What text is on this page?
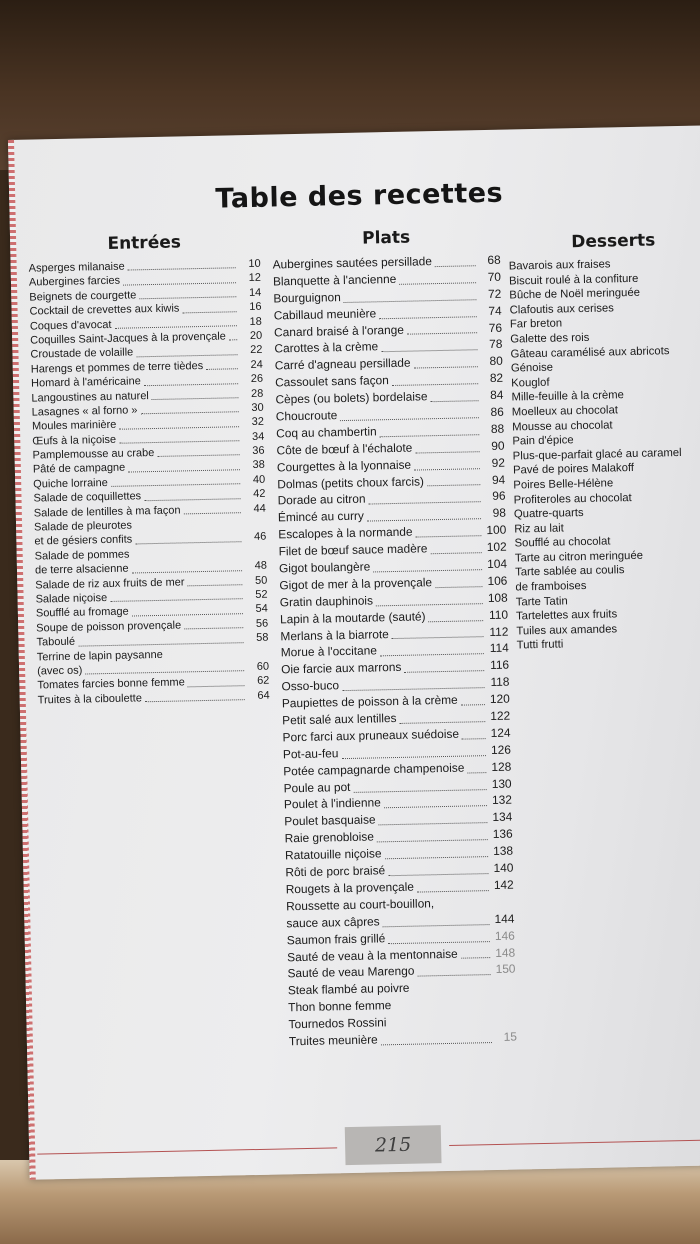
Table des recettes
Entrées
Asperges milanaise	10
Aubergines farcies	12
Beignets de courgette	14
Cocktail de crevettes aux kiwis	16
Coques d'avocat	18
Coquilles Saint-Jacques à la provençale	20
Croustade de volaille	22
Harengs et pommes de terre tièdes	24
Homard à l'américaine	26
Langoustines au naturel	28
Lasagnes « al forno »	30
Moules marinière	32
Œufs à la niçoise	34
Pamplemousse au crabe	36
Pâté de campagne	38
Quiche lorraine	40
Salade de coquillettes	42
Salade de lentilles à ma façon	44
Salade de pleurotes
et de gésiers confits	46
Salade de pommes
de terre alsacienne	48
Salade de riz aux fruits de mer	50
Salade niçoise	52
Soufflé au fromage	54
Soupe de poisson provençale	56
Taboulé	58
Terrine de lapin paysanne
(avec os)	60
Tomates farcies bonne femme	62
Truites à la ciboulette	64
Plats
Aubergines sautées persillade	68
Blanquette à l'ancienne	70
Bourguignon	72
Cabillaud meunière	74
Canard braisé à l'orange	76
Carottes à la crème	78
Carré d'agneau persillade	80
Cassoulet sans façon	82
Cèpes (ou bolets) bordelaise	84
Choucroute	86
Coq au chambertin	88
Côte de bœuf à l'échalote	90
Courgettes à la lyonnaise	92
Dolmas (petits choux farcis)	94
Dorade au citron	96
Émincé au curry	98
Escalopes à la normande	100
Filet de bœuf sauce madère	102
Gigot boulangère	104
Gigot de mer à la provençale	106
Gratin dauphinois	108
Lapin à la moutarde (sauté)	110
Merlans à la biarrote	112
Morue à l'occitane	114
Oie farcie aux marrons	116
Osso-buco	118
Paupiettes de poisson à la crème	120
Petit salé aux lentilles	122
Porc farci aux pruneaux suédoise	124
Pot-au-feu	126
Potée campagnarde champenoise 128
Poule au pot	130
Poulet à l'indienne	132
Poulet basquaise	134
Raie grenobloise	136
Ratatouille niçoise	138
Rôti de porc braisé	140
Rougets à la provençale	142
Roussette au court-bouillon,
sauce aux câpres	144
Saumon frais grillé	146
Sauté de veau à la mentonnaise	148
Sauté de veau Marengo	150
Steak flambé au poivre
Thon bonne femme
Tournedos Rossini
Truites meunière	15
Desserts
Bavarois aux fraises
Biscuit roulé à la confiture
Bûche de Noël meringuée
Clafoutis aux cerises
Far breton
Galette des rois
Gâteau caramélisé aux abricots
Génoise
Kouglof
Mille-feuille à la crème
Moelleux au chocolat
Mousse au chocolat
Pain d'épice
Plus-que-parfait glacé au caramel
Pavé de poires Malakoff
Poires Belle-Hélène
Profiteroles au chocolat
Quatre-quarts
Riz au lait
Soufflé au chocolat
Tarte au citron meringuée
Tarte sablée au coulis
de framboises
Tarte Tatin
Tartelettes aux fruits
Tuiles aux amandes
Tutti frutti
215
